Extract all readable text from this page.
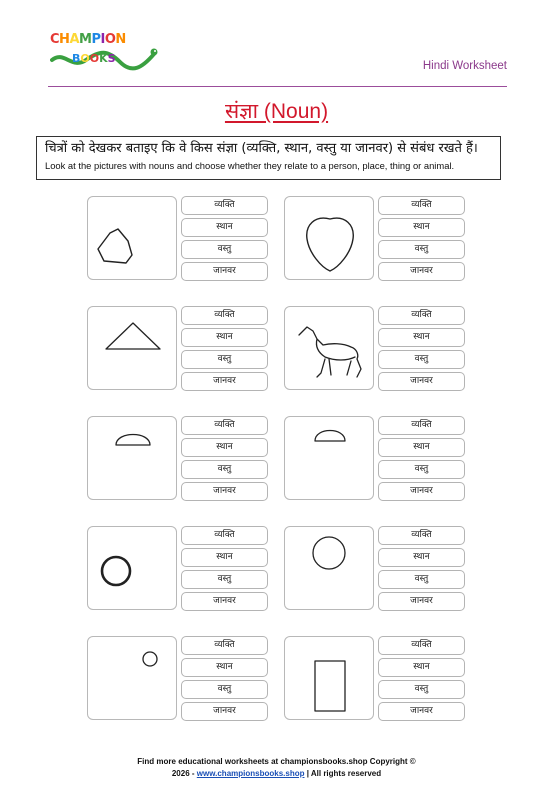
CHAMPION
BOOKS
Hindi Worksheet
संज्ञा (Noun)
चित्रों को देखकर बताइए कि वे किस संज्ञा (व्यक्ति, स्थान, वस्तु या जानवर) से संबंध रखते हैं।
Look at the pictures with nouns and choose whether they relate to a person, place, thing or animal.
व्यक्ति
स्थान
वस्तु
जानवर
व्यक्ति
स्थान
वस्तु
जानवर
व्यक्ति
स्थान
वस्तु
जानवर
व्यक्ति
स्थान
वस्तु
जानवर
व्यक्ति
स्थान
वस्तु
जानवर
व्यक्ति
स्थान
वस्तु
जानवर
व्यक्ति
स्थान
वस्तु
जानवर
व्यक्ति
स्थान
वस्तु
जानवर
व्यक्ति
स्थान
वस्तु
जानवर
व्यक्ति
स्थान
वस्तु
जानवर
Find more educational worksheets at championsbooks.shop Copyright ©
2026 - www.championsbooks.shop | All rights reserved
